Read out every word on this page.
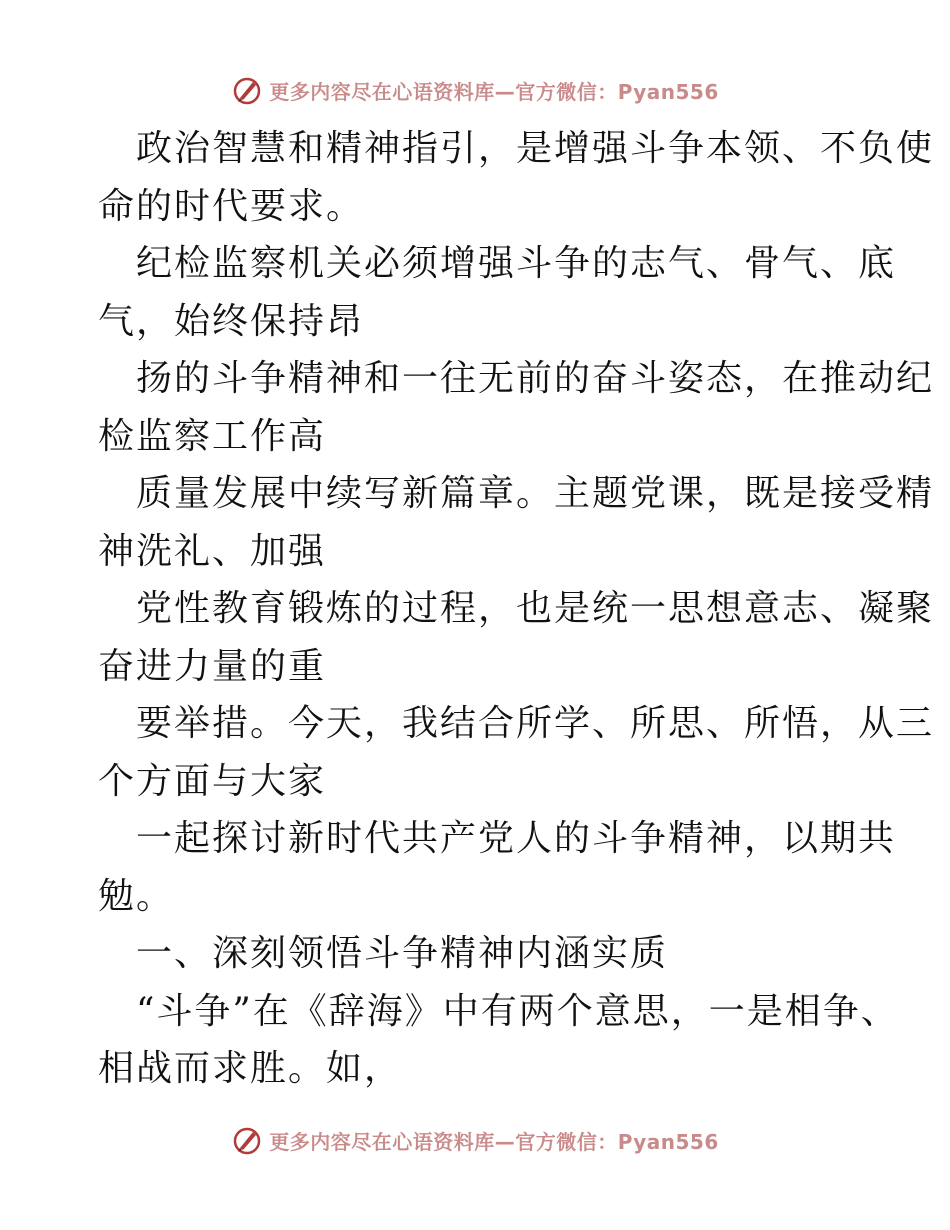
更多内容尽在心语资料库—官方微信：Pyan556
政治智慧和精神指引，是增强斗争本领、不负使
命的时代要求。
纪检监察机关必须增强斗争的志气、骨气、底
气，始终保持昂
扬的斗争精神和一往无前的奋斗姿态，在推动纪
检监察工作高
质量发展中续写新篇章。主题党课，既是接受精
神洗礼、加强
党性教育锻炼的过程，也是统一思想意志、凝聚
奋进力量的重
要举措。今天，我结合所学、所思、所悟，从三
个方面与大家
一起探讨新时代共产党人的斗争精神，以期共
勉。
一、深刻领悟斗争精神内涵实质
“斗争”在《辞海》中有两个意思，一是相争、
相战而求胜。如，
更多内容尽在心语资料库—官方微信：Pyan556
